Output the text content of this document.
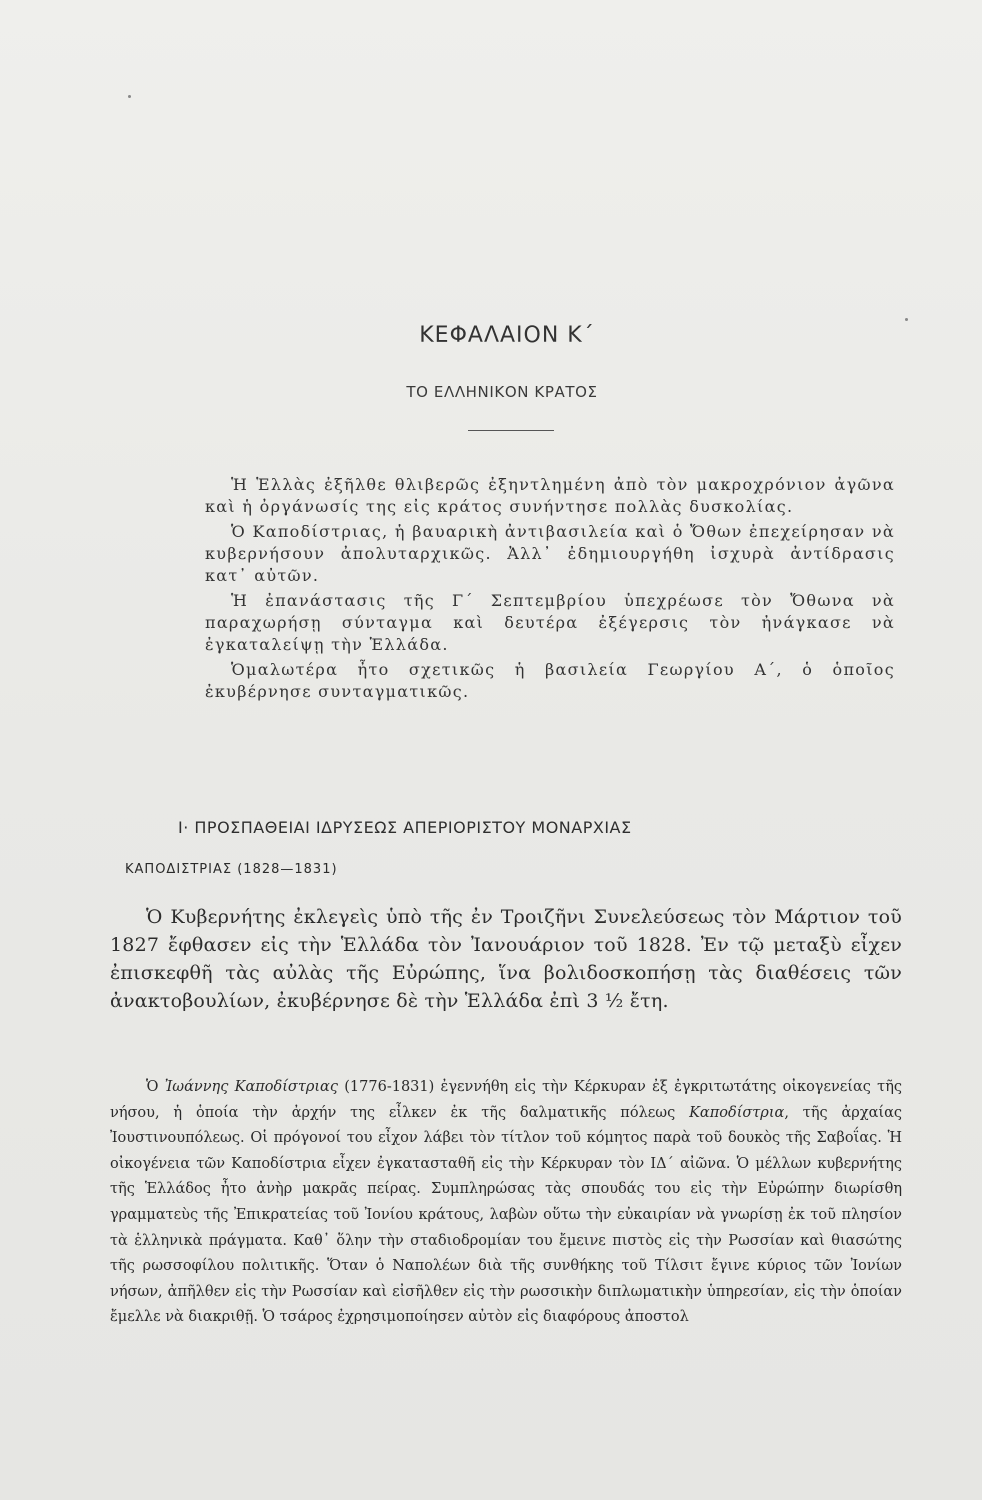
ΚΕΦΑΛΑΙΟΝ Κ΄
ΤΟ ΕΛΛΗΝΙΚΟΝ ΚΡΑΤΟΣ

Ἡ Ἑλλὰς ἐξῆλθε θλιβερῶς ἐξηντλημένη ἀπὸ τὸν μακροχρόνιον ἀγῶνα καὶ ἡ ὀργάνωσίς της εἰς κράτος συνήντησε πολλὰς δυσκολίας.

Ὁ Καποδίστριας, ἡ βαυαρικὴ ἀντιβασιλεία καὶ ὁ Ὄθων ἐπεχείρησαν νὰ κυβερνήσουν ἀπολυταρχικῶς. Ἀλλ᾽ ἐδημιουργήθη ἰσχυρὰ ἀντίδρασις κατ᾽ αὐτῶν.

Ἡ ἐπανάστασις τῆς Γ΄ Σεπτεμβρίου ὑπεχρέωσε τὸν Ὄθωνα νὰ παραχωρήσῃ σύνταγμα καὶ δευτέρα ἐξέγερσις τὸν ἠνάγκασε νὰ ἐγκαταλείψῃ τὴν Ἑλλάδα.

Ὁμαλωτέρα ἦτο σχετικῶς ἡ βασιλεία Γεωργίου Α΄, ὁ ὁποῖος ἐκυβέρνησε συνταγματικῶς.

Ι· ΠΡΟΣΠΑΘΕΙΑΙ ΙΔΡΥΣΕΩΣ ΑΠΕΡΙΟΡΙΣΤΟΥ ΜΟΝΑΡΧΙΑΣ
ΚΑΠΟΔΙΣΤΡΙΑΣ (1828—1831)

Ὁ Κυβερνήτης ἐκλεγεὶς ὑπὸ τῆς ἐν Τροιζῆνι Συνελεύσεως τὸν Μάρτιον τοῦ 1827 ἔφθασεν εἰς τὴν Ἑλλάδα τὸν Ἰανουάριον τοῦ 1828. Ἐν τῷ μεταξὺ εἶχεν ἐπισκεφθῆ τὰς αὐλὰς τῆς Εὐρώπης, ἵνα βολιδοσκοπήσῃ τὰς διαθέσεις τῶν ἀνακτοβουλίων, ἐκυβέρνησε δὲ τὴν Ἑλλάδα ἐπὶ 3 ½ ἔτη.

Ὁ Ἰωάννης Καποδίστριας (1776-1831) ἐγεννήθη εἰς τὴν Κέρκυραν ἐξ ἐγκριτωτάτης οἰκογενείας τῆς νήσου, ἡ ὁποία τὴν ἀρχήν της εἶλκεν ἐκ τῆς δαλματικῆς πόλεως Καποδίστρια, τῆς ἀρχαίας Ἰουστινουπόλεως. Οἱ πρόγονοί του εἶχον λάβει τὸν τίτλον τοῦ κόμητος παρὰ τοῦ δουκὸς τῆς Σαβοΐας. Ἡ οἰκογένεια τῶν Καποδίστρια εἶχεν ἐγκατασταθῆ εἰς τὴν Κέρκυραν τὸν ΙΔ΄ αἰῶνα. Ὁ μέλλων κυβερνήτης τῆς Ἑλλάδος ἦτο ἀνὴρ μακρᾶς πείρας. Συμπληρώσας τὰς σπουδάς του εἰς τὴν Εὐρώπην διωρίσθη γραμματεὺς τῆς Ἐπικρατείας τοῦ Ἰονίου κράτους, λαβὼν οὕτω τὴν εὐκαιρίαν νὰ γνωρίσῃ ἐκ τοῦ πλησίον τὰ ἑλληνικὰ πράγματα. Καθ᾽ ὅλην τὴν σταδιοδρομίαν του ἔμεινε πιστὸς εἰς τὴν Ρωσσίαν καὶ θιασώτης τῆς ρωσσοφίλου πολιτικῆς. Ὅταν ὁ Ναπολέων διὰ τῆς συνθήκης τοῦ Τίλσιτ ἔγινε κύριος τῶν Ἰονίων νήσων, ἀπῆλθεν εἰς τὴν Ρωσσίαν καὶ εἰσῆλθεν εἰς τὴν ρωσσικὴν διπλωματικὴν ὑπηρεσίαν, εἰς τὴν ὁποίαν ἔμελλε νὰ διακριθῇ. Ὁ τσάρος ἐχρησιμοποίησεν αὐτὸν εἰς διαφόρους ἀποστολ
